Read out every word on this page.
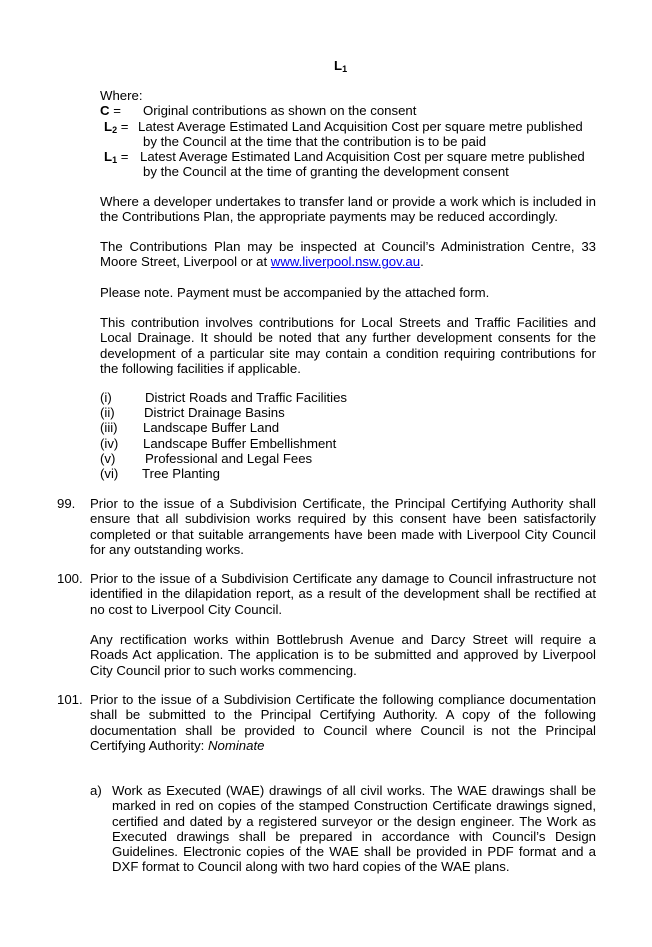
$L_1$
Where:
C = Original contributions as shown on the consent
$L_2$ = Latest Average Estimated Land Acquisition Cost per square metre published
by the Council at the time that the contribution is to be paid
$L_1$ = Latest Average Estimated Land Acquisition Cost per square metre published
by the Council at the time of granting the development consent

Where a developer undertakes to transfer land or provide a work which is included in the Contributions Plan, the appropriate payments may be reduced accordingly.

The Contributions Plan may be inspected at Council’s Administration Centre, 33 Moore Street, Liverpool or at www.liverpool.nsw.gov.au.

Please note. Payment must be accompanied by the attached form.

This contribution involves contributions for Local Streets and Traffic Facilities and Local Drainage. It should be noted that any further development consents for the development of a particular site may contain a condition requiring contributions for the following facilities if applicable.

(i)	District Roads and Traffic Facilities
(ii) District Drainage Basins
(iii) Landscape Buffer Land
(iv) Landscape Buffer Embellishment
(v) Professional and Legal Fees
(vi) Tree Planting
99. Prior to the issue of a Subdivision Certificate, the Principal Certifying Authority shall ensure that all subdivision works required by this consent have been satisfactorily completed or that suitable arrangements have been made with Liverpool City Council for any outstanding works.

100. Prior to the issue of a Subdivision Certificate any damage to Council infrastructure not identified in the dilapidation report, as a result of the development shall be rectified at no cost to Liverpool City Council.

Any rectification works within Bottlebrush Avenue and Darcy Street will require a Roads Act application. The application is to be submitted and approved by Liverpool City Council prior to such works commencing.

101. Prior to the issue of a Subdivision Certificate the following compliance documentation shall be submitted to the Principal Certifying Authority. A copy of the following documentation shall be provided to Council where Council is not the Principal Certifying Authority: Nominate

a) Work as Executed (WAE) drawings of all civil works. The WAE drawings shall be marked in red on copies of the stamped Construction Certificate drawings signed, certified and dated by a registered surveyor or the design engineer. The Work as Executed drawings shall be prepared in accordance with Council’s Design Guidelines. Electronic copies of the WAE shall be provided in PDF format and a DXF format to Council along with two hard copies of the WAE plans.
